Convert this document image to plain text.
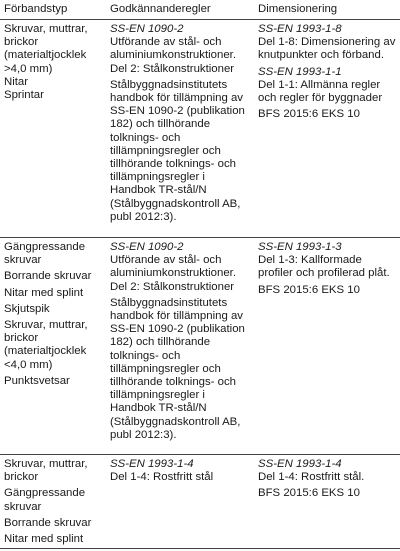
Förbandstyp	Godkännanderegler	Dimensionering

Skruvar, muttrar, brickor (materialtjocklek >4,0 mm)

Nitar

Sprintar

SS-EN 1090-2
Utförande av stål- och aluminiumkonstruktioner.
Del 2: Stålkonstruktioner

Stålbyggnadsinstitutets handbok för tillämpning av SS-EN 1090-2 (publikation 182) och tillhörande tolknings- och tillämpningsregler och tillhörande tolknings- och tillämpningsregler i Handbok TR-stål/N (Stålbyggnadskontroll AB, publ 2012:3).

SS-EN 1993-1-8
Del 1-8: Dimensionering av knutpunkter och förband.

SS-EN 1993-1-1
Del 1-1: Allmänna regler och regler för byggnader

BFS 2015:6 EKS 10

Gängpressande skruvar

Borrande skruvar

Nitar med splint

Skjutspik

Skruvar, muttrar, brickor (materialtjocklek <4,0 mm)

Punktsvetsar

SS-EN 1090-2
Utförande av stål- och aluminiumkonstruktioner.
Del 2: Stålkonstruktioner

Stålbyggnadsinstitutets handbok för tillämpning av SS-EN 1090-2 (publikation 182) och tillhörande tolknings- och tillämpningsregler och tillhörande tolknings- och tillämpningsregler i Handbok TR-stål/N (Stålbyggnadskontroll AB, publ 2012:3).

SS-EN 1993-1-3
Del 1-3: Kallformade profiler och profilerad plåt.

BFS 2015:6 EKS 10

Skruvar, muttrar, brickor

Gängpressande skruvar

Borrande skruvar

Nitar med splint

SS-EN 1993-1-4
Del 1-4: Rostfritt stål

SS-EN 1993-1-4
Del 1-4: Rostfritt stål.

BFS 2015:6 EKS 10
